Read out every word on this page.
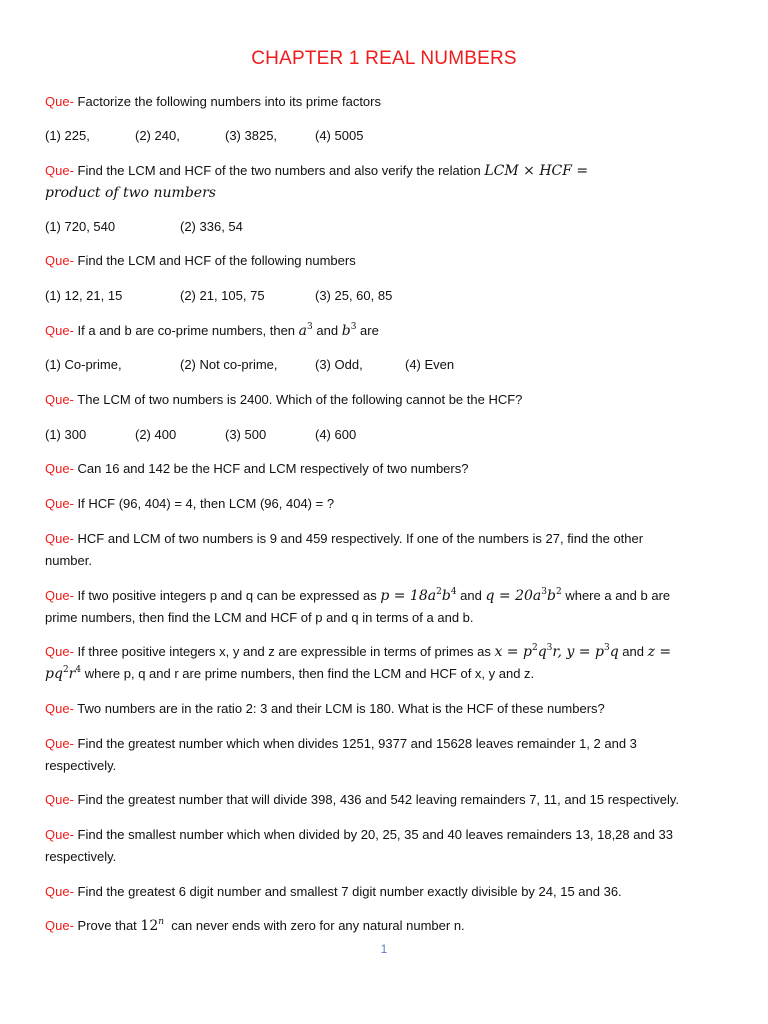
CHAPTER 1 REAL NUMBERS
Que- Factorize the following numbers into its prime factors
(1) 225,	(2) 240,	(3) 3825,	(4) 5005
Que- Find the LCM and HCF of the two numbers and also verify the relation LCM × HCF =
product of two numbers
(1) 720, 540	(2) 336, 54
Que- Find the LCM and HCF of the following numbers
(1) 12, 21, 15	(2) 21, 105, 75	(3) 25, 60, 85
Que- If a and b are co-prime numbers, then $a^3$ and $b^3$ are
(1) Co-prime,	(2) Not co-prime,	(3) Odd,	(4) Even
Que- The LCM of two numbers is 2400. Which of the following cannot be the HCF?
(1) 300	(2) 400	(3) 500	(4) 600
Que- Can 16 and 142 be the HCF and LCM respectively of two numbers?
Que- If HCF (96, 404) = 4, then LCM (96, 404) = ?
Que- HCF and LCM of two numbers is 9 and 459 respectively. If one of the numbers is 27, find the other
number.
Que- If two positive integers p and q can be expressed as $p = 18a^2b^4$ and $q = 20a^3b^2$ where a and b are
prime numbers, then find the LCM and HCF of p and q in terms of a and b.
Que- If three positive integers x, y and z are expressible in terms of primes as $x = p^2q^3r$, $y = p^3q$ and z =
$pq^2r^4$ where p, q and r are prime numbers, then find the LCM and HCF of x, y and z.
Que- Two numbers are in the ratio 2: 3 and their LCM is 180. What is the HCF of these numbers?
Que- Find the greatest number which when divides 1251, 9377 and 15628 leaves remainder 1, 2 and 3
respectively.
Que- Find the greatest number that will divide 398, 436 and 542 leaving remainders 7, 11, and 15 respectively.
Que- Find the smallest number which when divided by 20, 25, 35 and 40 leaves remainders 13, 18,28 and 33
respectively.
Que- Find the greatest 6 digit number and smallest 7 digit number exactly divisible by 24, 15 and 36.
Que- Prove that 12$^n$ can never ends with zero for any natural number n.
1
